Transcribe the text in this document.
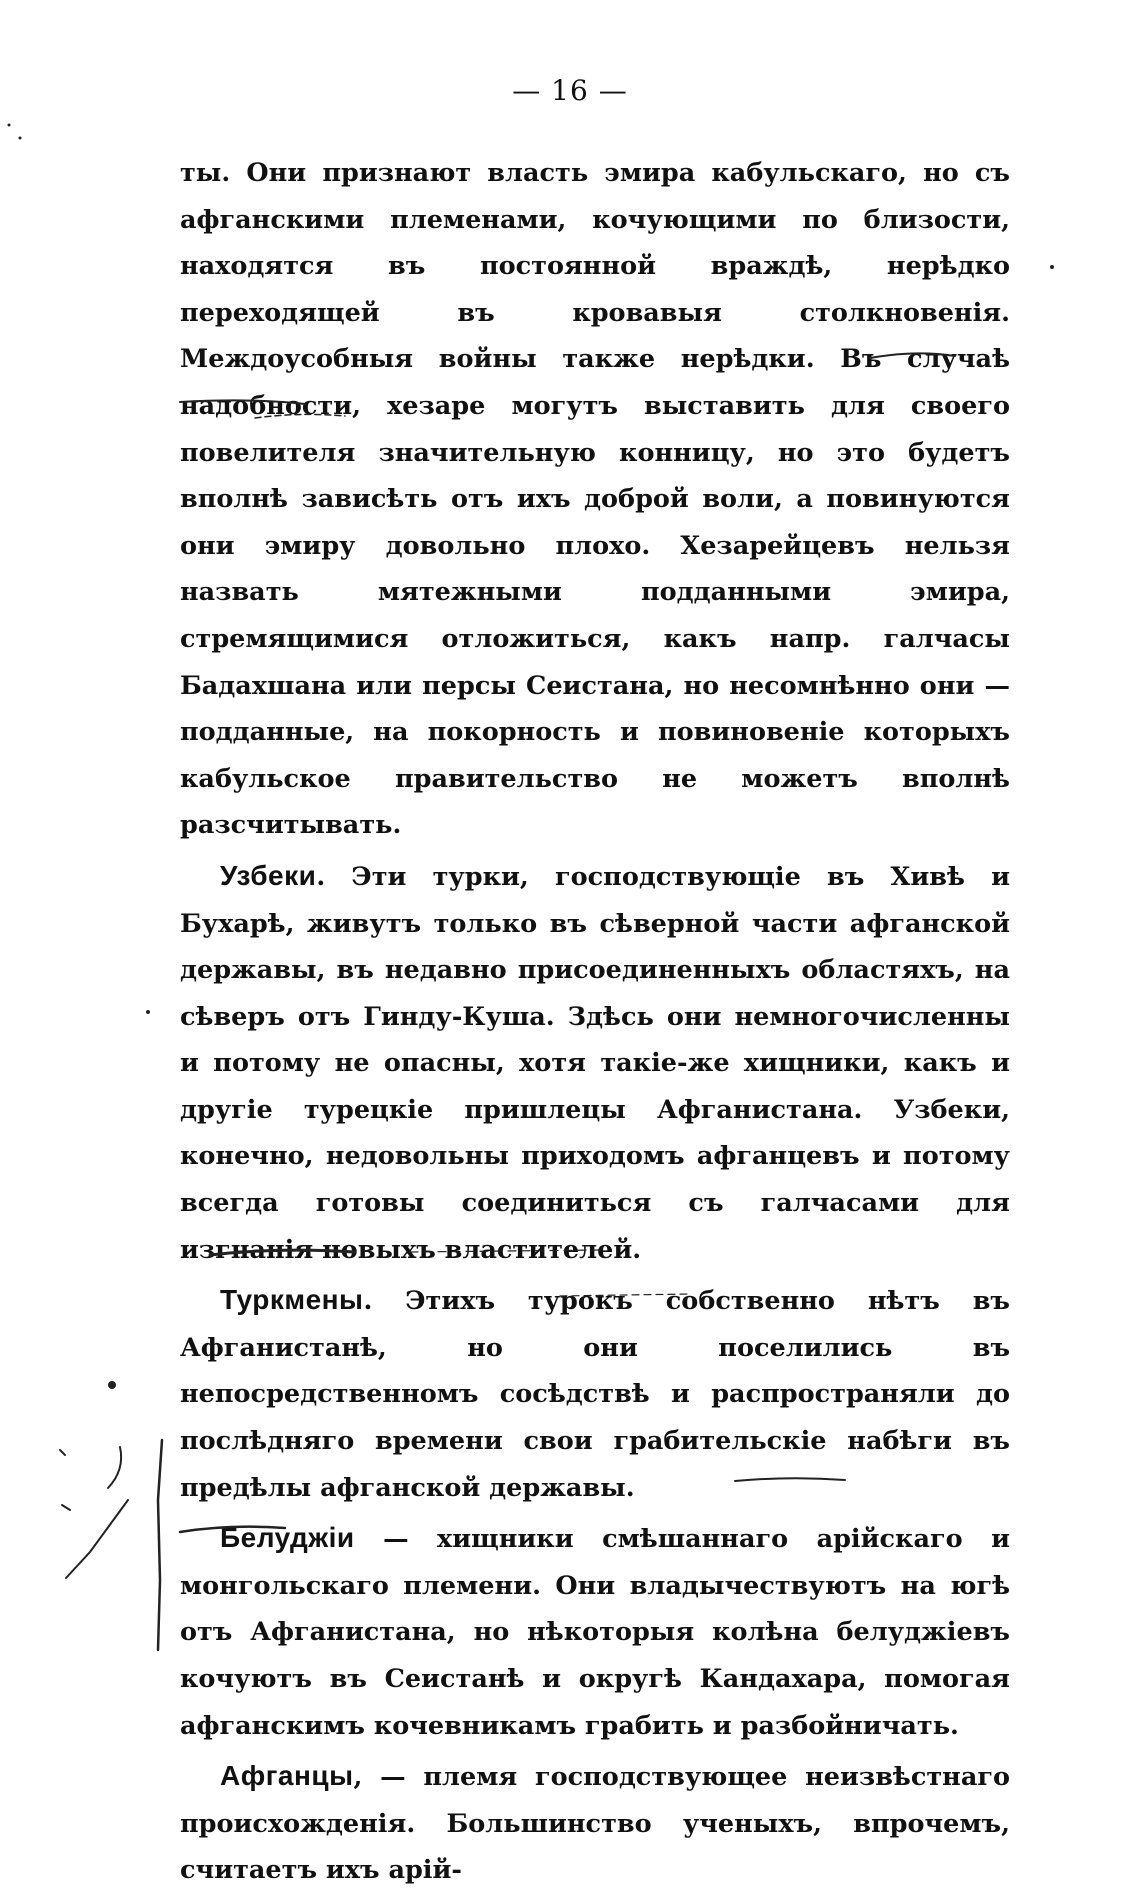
— 16 —

ты. Они признают власть эмира кабульскаго, но съ афганскими племенами, кочующими по близости, находятся въ постоянной враждѣ, нерѣдко переходящей въ кровавыя столкновенія. Междоусобныя войны также нерѣдки. Въ случаѣ надобности, хезаре могутъ выставить для своего повелителя значительную конницу, но это будетъ вполнѣ зависѣть отъ ихъ доброй воли, а повинуются они эмиру довольно плохо. Хезарейцевъ нельзя назвать мятежными подданными эмира, стремящимися отложиться, какъ напр. галчасы Бадахшана или персы Сеистана, но несомнѣнно они — подданные, на покорность и повиновеніе которыхъ кабульское правительство не можетъ вполнѣ разсчитывать.

Узбеки. Эти турки, господствующіе въ Хивѣ и Бухарѣ, живутъ только въ сѣверной части афганской державы, въ недавно присоединенныхъ областяхъ, на сѣверъ отъ Гинду-Куша. Здѣсь они немногочисленны и потому не опасны, хотя такіе-же хищники, какъ и другіе турецкіе пришлецы Афганистана. Узбеки, конечно, недовольны приходомъ афганцевъ и потому всегда готовы соединиться съ галчасами для изгнанія новыхъ властителей.

Туркмены. Этихъ турокъ собственно нѣтъ въ Афганистанѣ, но они поселились въ непосредственномъ сосѣдствѣ и распространяли до послѣдняго времени свои грабительскіе набѣги въ предѣлы афганской державы.

Белуджіи — хищники смѣшаннаго арійскаго и монгольскаго племени. Они владычествуютъ на югѣ отъ Афганистана, но нѣкоторыя колѣна белуджіевъ кочуютъ въ Сеистанѣ и округѣ Кандахара, помогая афганскимъ кочевникамъ грабить и разбойничать.

Афганцы, — племя господствующее неизвѣстнаго происхожденія. Большинство ученыхъ, впрочемъ, считаетъ ихъ арій-
